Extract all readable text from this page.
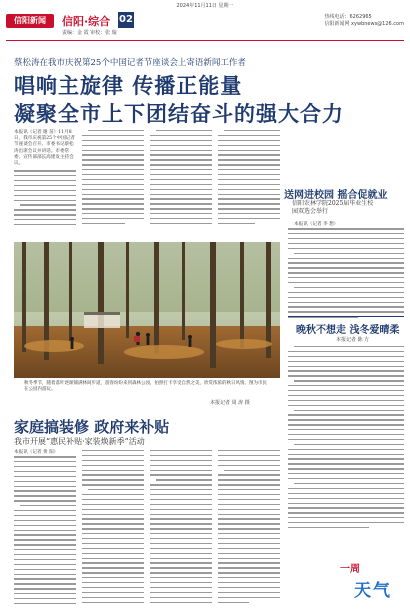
2024年11月11日 星期一
信阳新闻	信阳·综合 02
责编：金 霞 审校：张 璇
热线电话：6262965
信阳新闻网 xywbnews@126.com
蔡松涛在我市庆祝第25个中国记者节座谈会上寄语新闻工作者
唱响主旋律 传播正能量
凝聚全市上下团结奋斗的强大合力
本报讯（记者 谢 苗）11月8日，我市庆祝第25个中国记者节座谈会召开。市委书记蔡松涛出席会议并讲话。市委常委、宣传部部长高建发主持会议。
秋冬季节，随着落叶逐渐铺满林间步道，游客纷纷来到森林公园，拍照打卡享受自然之美，欣赏浓浓的秋日风情。图为市民在公园内游玩。
本报记者 周 涛 摄
家庭搞装修 政府来补贴
我市开展“惠民补贴·家装焕新季”活动
本报讯（记者 黄 阳）
送网进校园 摇合促就业
信阳农林学院2025届毕业生校
园双选会举行
本报讯（记者 李 想）
晚秋不想走 浅冬爱晴柔
本报记者 陈 方
一周
天气
